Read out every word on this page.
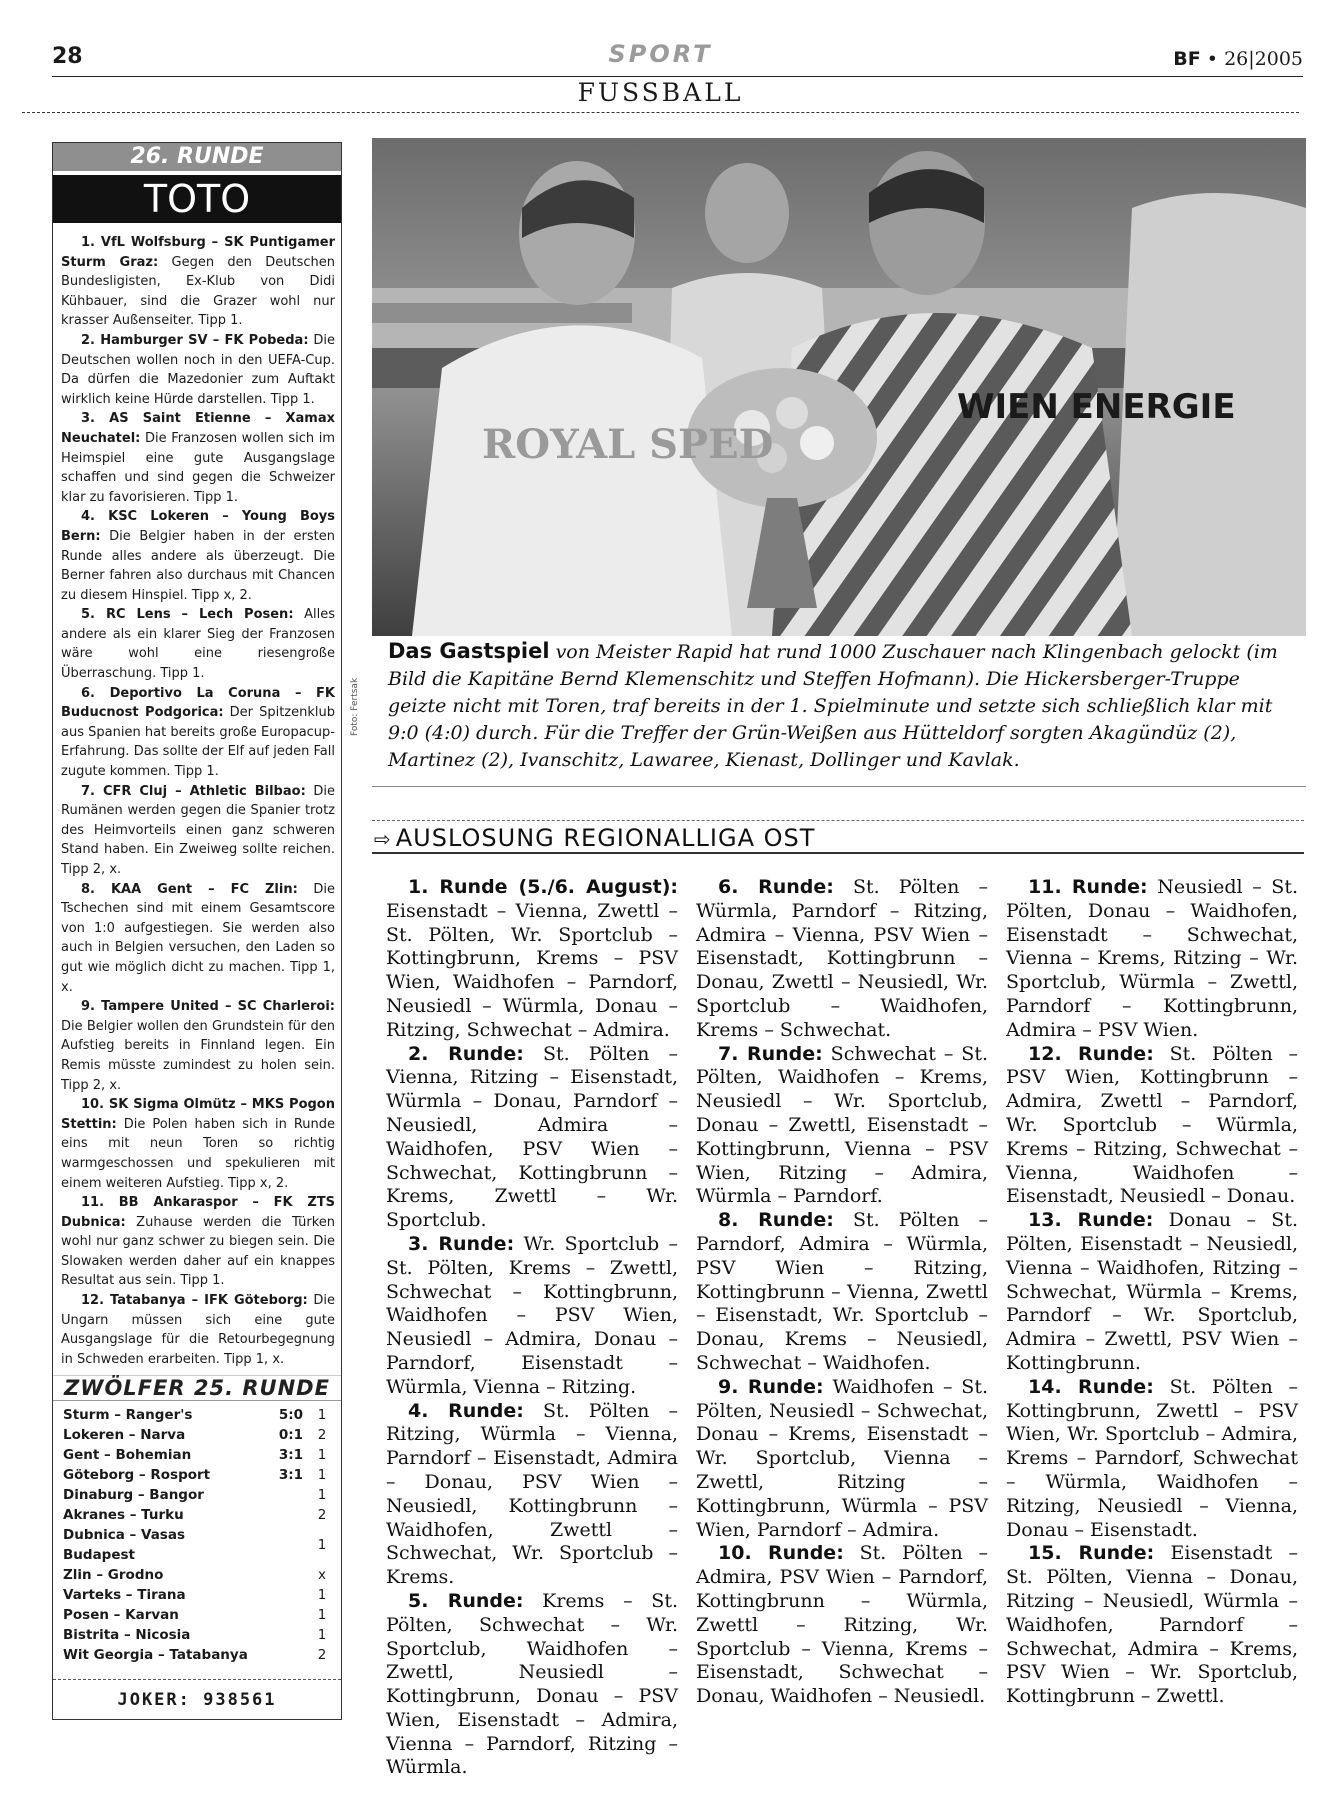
28	SPORT	BF • 26|2005
FUSSBALL
26. RUNDE
TOTO

1. VfL Wolfsburg – SK Puntigamer Sturm Graz: Gegen den Deutschen Bundesligisten, Ex-Klub von Didi Kühbauer, sind die Grazer wohl nur krasser Außenseiter. Tipp 1.

2. Hamburger SV – FK Pobeda: Die Deutschen wollen noch in den UEFA-Cup. Da dürfen die Mazedonier zum Auftakt wirklich keine Hürde darstellen. Tipp 1.

3. AS Saint Etienne – Xamax Neuchatel: Die Franzosen wollen sich im Heimspiel eine gute Ausgangslage schaffen und sind gegen die Schweizer klar zu favorisieren. Tipp 1.

4. KSC Lokeren – Young Boys Bern: Die Belgier haben in der ersten Runde alles andere als überzeugt. Die Berner fahren also durchaus mit Chancen zu diesem Hinspiel. Tipp x, 2.

5. RC Lens – Lech Posen: Alles andere als ein klarer Sieg der Franzosen wäre wohl eine riesengroße Überraschung. Tipp 1.

6. Deportivo La Coruna – FK Buducnost Podgorica: Der Spitzenklub aus Spanien hat bereits große Europacup-Erfahrung. Das sollte der Elf auf jeden Fall zugute kommen. Tipp 1.

7. CFR Cluj – Athletic Bilbao: Die Rumänen werden gegen die Spanier trotz des Heimvorteils einen ganz schweren Stand haben. Ein Zweiweg sollte reichen. Tipp 2, x.

8. KAA Gent – FC Zlin: Die Tschechen sind mit einem Gesamtscore von 1:0 aufgestiegen. Sie werden also auch in Belgien versuchen, den Laden so gut wie möglich dicht zu machen. Tipp 1, x.

9. Tampere United – SC Charleroi: Die Belgier wollen den Grundstein für den Aufstieg bereits in Finnland legen. Ein Remis müsste zumindest zu holen sein. Tipp 2, x.

10. SK Sigma Olmütz – MKS Pogon Stettin: Die Polen haben sich in Runde eins mit neun Toren so richtig warmgeschossen und spekulieren mit einem weiteren Aufstieg. Tipp x, 2.

11. BB Ankaraspor – FK ZTS Dubnica: Zuhause werden die Türken wohl nur ganz schwer zu biegen sein. Die Slowaken werden daher auf ein knappes Resultat aus sein. Tipp 1.

12. Tatabanya – IFK Göteborg: Die Ungarn müssen sich eine gute Ausgangslage für die Retourbegegnung in Schweden erarbeiten. Tipp 1, x.

ZWÖLFER 25. RUNDE
Sturm – Ranger's	5:0	1
Lokeren – Narva	0:1	2
Gent – Bohemian	3:1	1
Göteborg – Rosport	3:1	1
Dinaburg – Bangor		1
Akranes – Turku		2
Dubnica – Vasas Budapest		1
Zlin – Grodno		x
Varteks – Tirana		1
Posen – Karvan		1
Bistrita – Nicosia		1
Wit Georgia – Tatabanya		2
JOKER: 938561
ROYAL SPED
WIEN ENERGIE
Das Gastspiel von Meister Rapid hat rund 1000 Zuschauer nach Klingenbach gelockt (im Bild die Kapitäne Bernd Klemenschitz und Steffen Hofmann). Die Hickersberger-Truppe geizte nicht mit Toren, traf bereits in der 1. Spielminute und setzte sich schließlich klar mit 9:0 (4:0) durch. Für die Treffer der Grün-Weißen aus Hütteldorf sorgten Akagündüz (2), Martinez (2), Ivanschitz, Lawaree, Kienast, Dollinger und Kavlak.
Foto: Fertsak
⇨ AUSLOSUNG REGIONALLIGA OST

1. Runde (5./6. August): Eisenstadt – Vienna, Zwettl – St. Pölten, Wr. Sportclub – Kottingbrunn, Krems – PSV Wien, Waidhofen – Parndorf, Neusiedl – Würmla, Donau – Ritzing, Schwechat – Admira.

2. Runde: St. Pölten – Vienna, Ritzing – Eisenstadt, Würmla – Donau, Parndorf – Neusiedl, Admira – Waidhofen, PSV Wien – Schwechat, Kottingbrunn – Krems, Zwettl – Wr. Sportclub.

3. Runde: Wr. Sportclub – St. Pölten, Krems – Zwettl, Schwechat – Kottingbrunn, Waidhofen – PSV Wien, Neusiedl – Admira, Donau – Parndorf, Eisenstadt – Würmla, Vienna – Ritzing.

4. Runde: St. Pölten – Ritzing, Würmla – Vienna, Parndorf – Eisenstadt, Admira – Donau, PSV Wien – Neusiedl, Kottingbrunn – Waidhofen, Zwettl – Schwechat, Wr. Sportclub – Krems.

5. Runde: Krems – St. Pölten, Schwechat – Wr. Sportclub, Waidhofen – Zwettl, Neusiedl – Kottingbrunn, Donau – PSV Wien, Eisenstadt – Admira, Vienna – Parndorf, Ritzing – Würmla.

6. Runde: St. Pölten – Würmla, Parndorf – Ritzing, Admira – Vienna, PSV Wien – Eisenstadt, Kottingbrunn – Donau, Zwettl – Neusiedl, Wr. Sportclub – Waidhofen, Krems – Schwechat.

7. Runde: Schwechat – St. Pölten, Waidhofen – Krems, Neusiedl – Wr. Sportclub, Donau – Zwettl, Eisenstadt – Kottingbrunn, Vienna – PSV Wien, Ritzing – Admira, Würmla – Parndorf.

8. Runde: St. Pölten – Parndorf, Admira – Würmla, PSV Wien – Ritzing, Kottingbrunn – Vienna, Zwettl – Eisenstadt, Wr. Sportclub – Donau, Krems – Neusiedl, Schwechat – Waidhofen.

9. Runde: Waidhofen – St. Pölten, Neusiedl – Schwechat, Donau – Krems, Eisenstadt – Wr. Sportclub, Vienna – Zwettl, Ritzing – Kottingbrunn, Würmla – PSV Wien, Parndorf – Admira.

10. Runde: St. Pölten – Admira, PSV Wien – Parndorf, Kottingbrunn – Würmla, Zwettl – Ritzing, Wr. Sportclub – Vienna, Krems – Eisenstadt, Schwechat – Donau, Waidhofen – Neusiedl.

11. Runde: Neusiedl – St. Pölten, Donau – Waidhofen, Eisenstadt – Schwechat, Vienna – Krems, Ritzing – Wr. Sportclub, Würmla – Zwettl, Parndorf – Kottingbrunn, Admira – PSV Wien.

12. Runde: St. Pölten – PSV Wien, Kottingbrunn – Admira, Zwettl – Parndorf, Wr. Sportclub – Würmla, Krems – Ritzing, Schwechat – Vienna, Waidhofen – Eisenstadt, Neusiedl – Donau.

13. Runde: Donau – St. Pölten, Eisenstadt – Neusiedl, Vienna – Waidhofen, Ritzing – Schwechat, Würmla – Krems, Parndorf – Wr. Sportclub, Admira – Zwettl, PSV Wien – Kottingbrunn.

14. Runde: St. Pölten – Kottingbrunn, Zwettl – PSV Wien, Wr. Sportclub – Admira, Krems – Parndorf, Schwechat – Würmla, Waidhofen – Ritzing, Neusiedl – Vienna, Donau – Eisenstadt.

15. Runde: Eisenstadt – St. Pölten, Vienna – Donau, Ritzing – Neusiedl, Würmla – Waidhofen, Parndorf – Schwechat, Admira – Krems, PSV Wien – Wr. Sportclub, Kottingbrunn – Zwettl.
